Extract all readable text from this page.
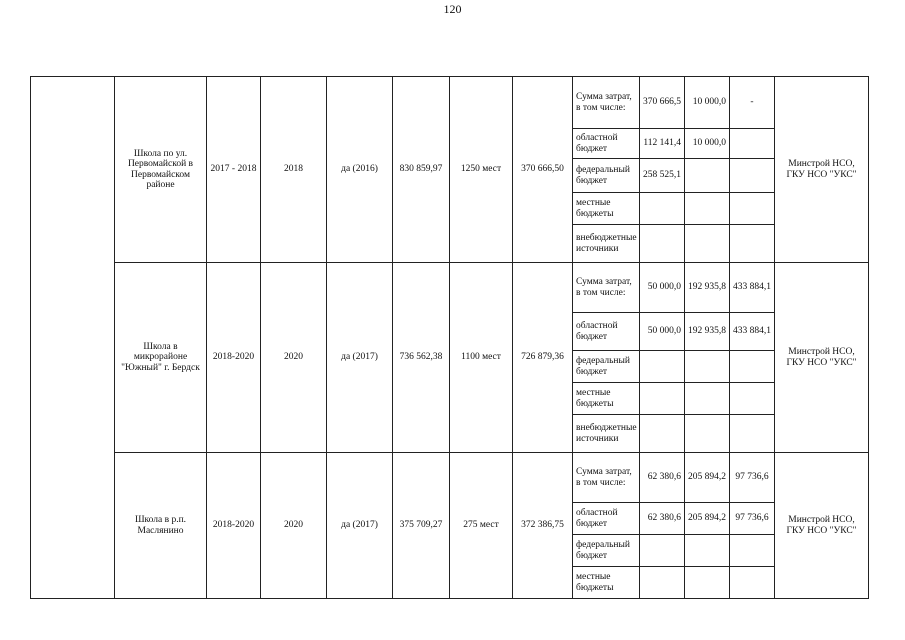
120
	Школа по ул. Первомайской в Первомайском районе	2017 - 2018	2018	да (2016)	830 859,97	1250 мест	370 666,50	Сумма затрат, в том числе:	370 666,5	10 000,0	-	Минстрой НСО, ГКУ НСО "УКС"
								областной бюджет	112 141,4	10 000,0		
								федеральный бюджет	258 525,1			
								местные бюджеты				
								внебюджетные источники				
	Школа в микрорайоне "Южный" г. Бердск	2018-2020	2020	да (2017)	736 562,38	1100 мест	726 879,36	Сумма затрат, в том числе:	50 000,0	192 935,8	433 884,1	Минстрой НСО, ГКУ НСО "УКС"
								областной бюджет	50 000,0	192 935,8	433 884,1	
								федеральный бюджет				
								местные бюджеты				
								внебюджетные источники				
	Школа в р.п. Маслянино	2018-2020	2020	да (2017)	375 709,27	275 мест	372 386,75	Сумма затрат, в том числе:	62 380,6	205 894,2	97 736,6	Минстрой НСО, ГКУ НСО "УКС"
								областной бюджет	62 380,6	205 894,2	97 736,6	
								федеральный бюджет				
								местные бюджеты				
